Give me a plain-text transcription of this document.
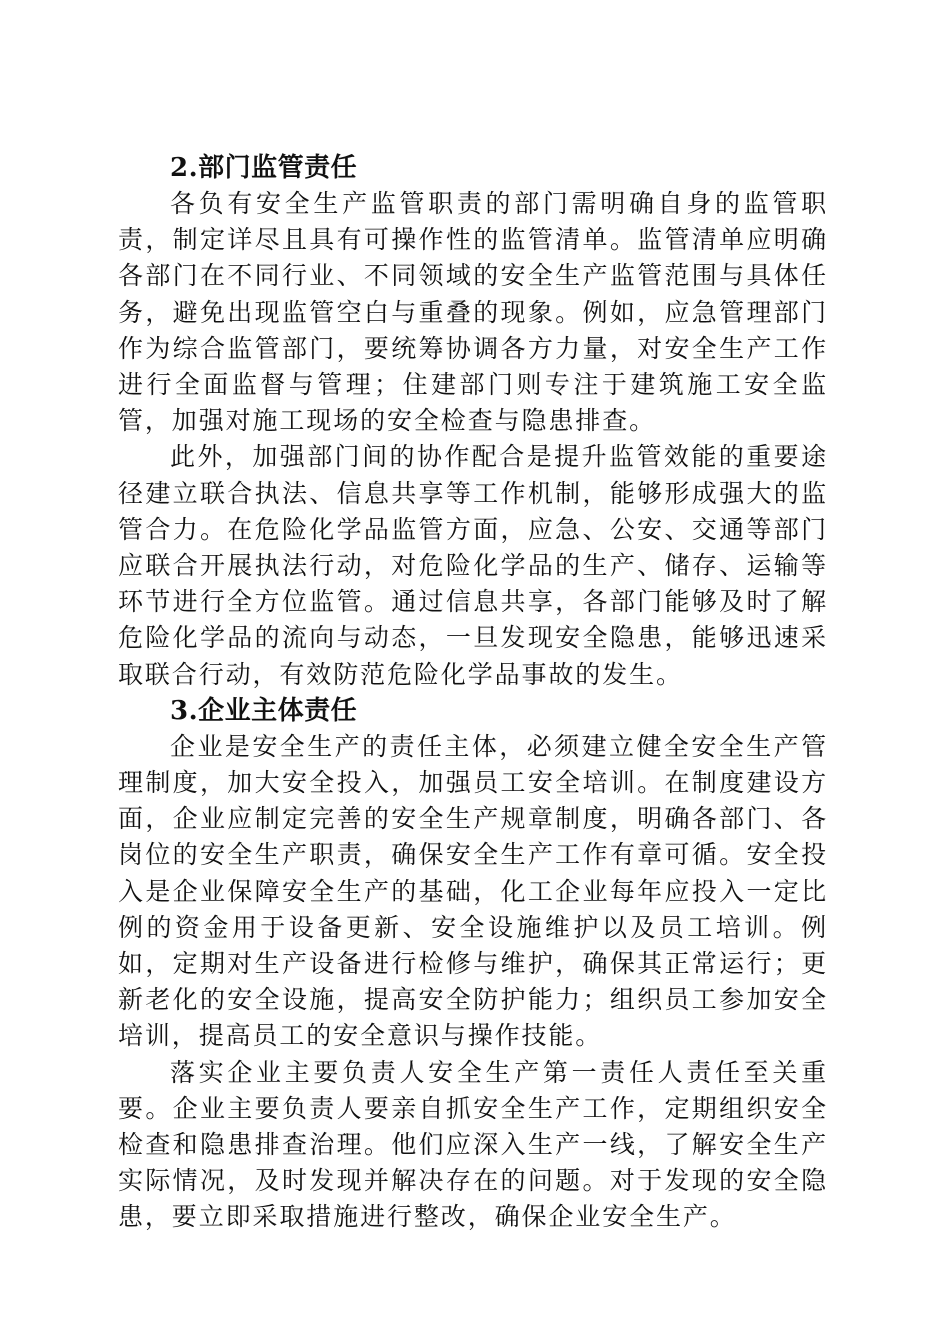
2.部门监管责任

各负有安全生产监管职责的部门需明确自身的监管职责，制定详尽且具有可操作性的监管清单。监管清单应明确各部门在不同行业、不同领域的安全生产监管范围与具体任务，避免出现监管空白与重叠的现象。例如，应急管理部门作为综合监管部门，要统筹协调各方力量，对安全生产工作进行全面监督与管理；住建部门则专注于建筑施工安全监管，加强对施工现场的安全检查与隐患排查。

此外，加强部门间的协作配合是提升监管效能的重要途径建立联合执法、信息共享等工作机制，能够形成强大的监管合力。在危险化学品监管方面，应急、公安、交通等部门应联合开展执法行动，对危险化学品的生产、储存、运输等环节进行全方位监管。通过信息共享，各部门能够及时了解危险化学品的流向与动态，一旦发现安全隐患，能够迅速采取联合行动，有效防范危险化学品事故的发生。

3.企业主体责任

企业是安全生产的责任主体，必须建立健全安全生产管理制度，加大安全投入，加强员工安全培训。在制度建设方面，企业应制定完善的安全生产规章制度，明确各部门、各岗位的安全生产职责，确保安全生产工作有章可循。安全投入是企业保障安全生产的基础，化工企业每年应投入一定比例的资金用于设备更新、安全设施维护以及员工培训。例如，定期对生产设备进行检修与维护，确保其正常运行；更新老化的安全设施，提高安全防护能力；组织员工参加安全培训，提高员工的安全意识与操作技能。

落实企业主要负责人安全生产第一责任人责任至关重要。企业主要负责人要亲自抓安全生产工作，定期组织安全检查和隐患排查治理。他们应深入生产一线，了解安全生产实际情况，及时发现并解决存在的问题。对于发现的安全隐患，要立即采取措施进行整改，确保企业安全生产。
